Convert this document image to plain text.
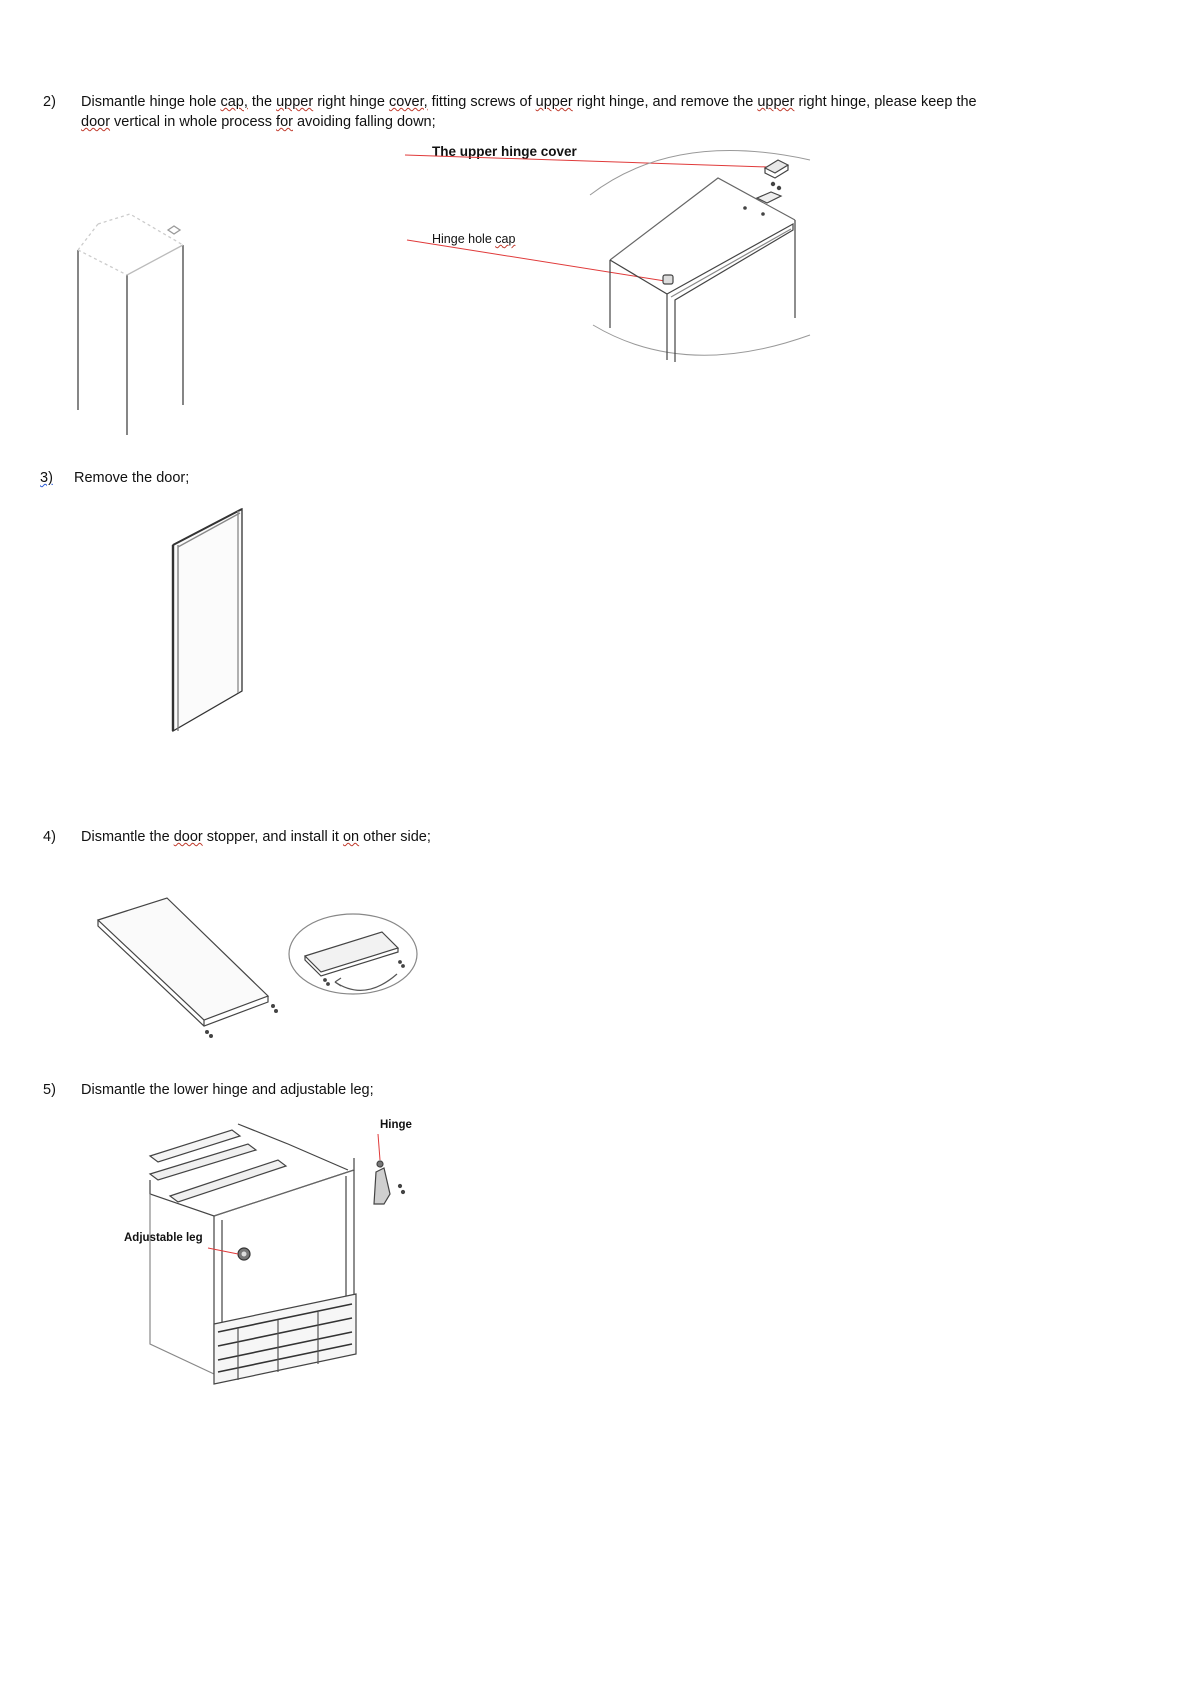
2) Dismantle hinge hole cap, the upper right hinge cover, fitting screws of upper right hinge, and remove the upper right hinge, please keep the
door vertical in whole process for avoiding falling down;
The upper hinge cover
Hinge hole cap
3) Remove the door;
4) Dismantle the door stopper, and install it on other side;
5) Dismantle the lower hinge and adjustable leg;
Hinge
Adjustable leg
